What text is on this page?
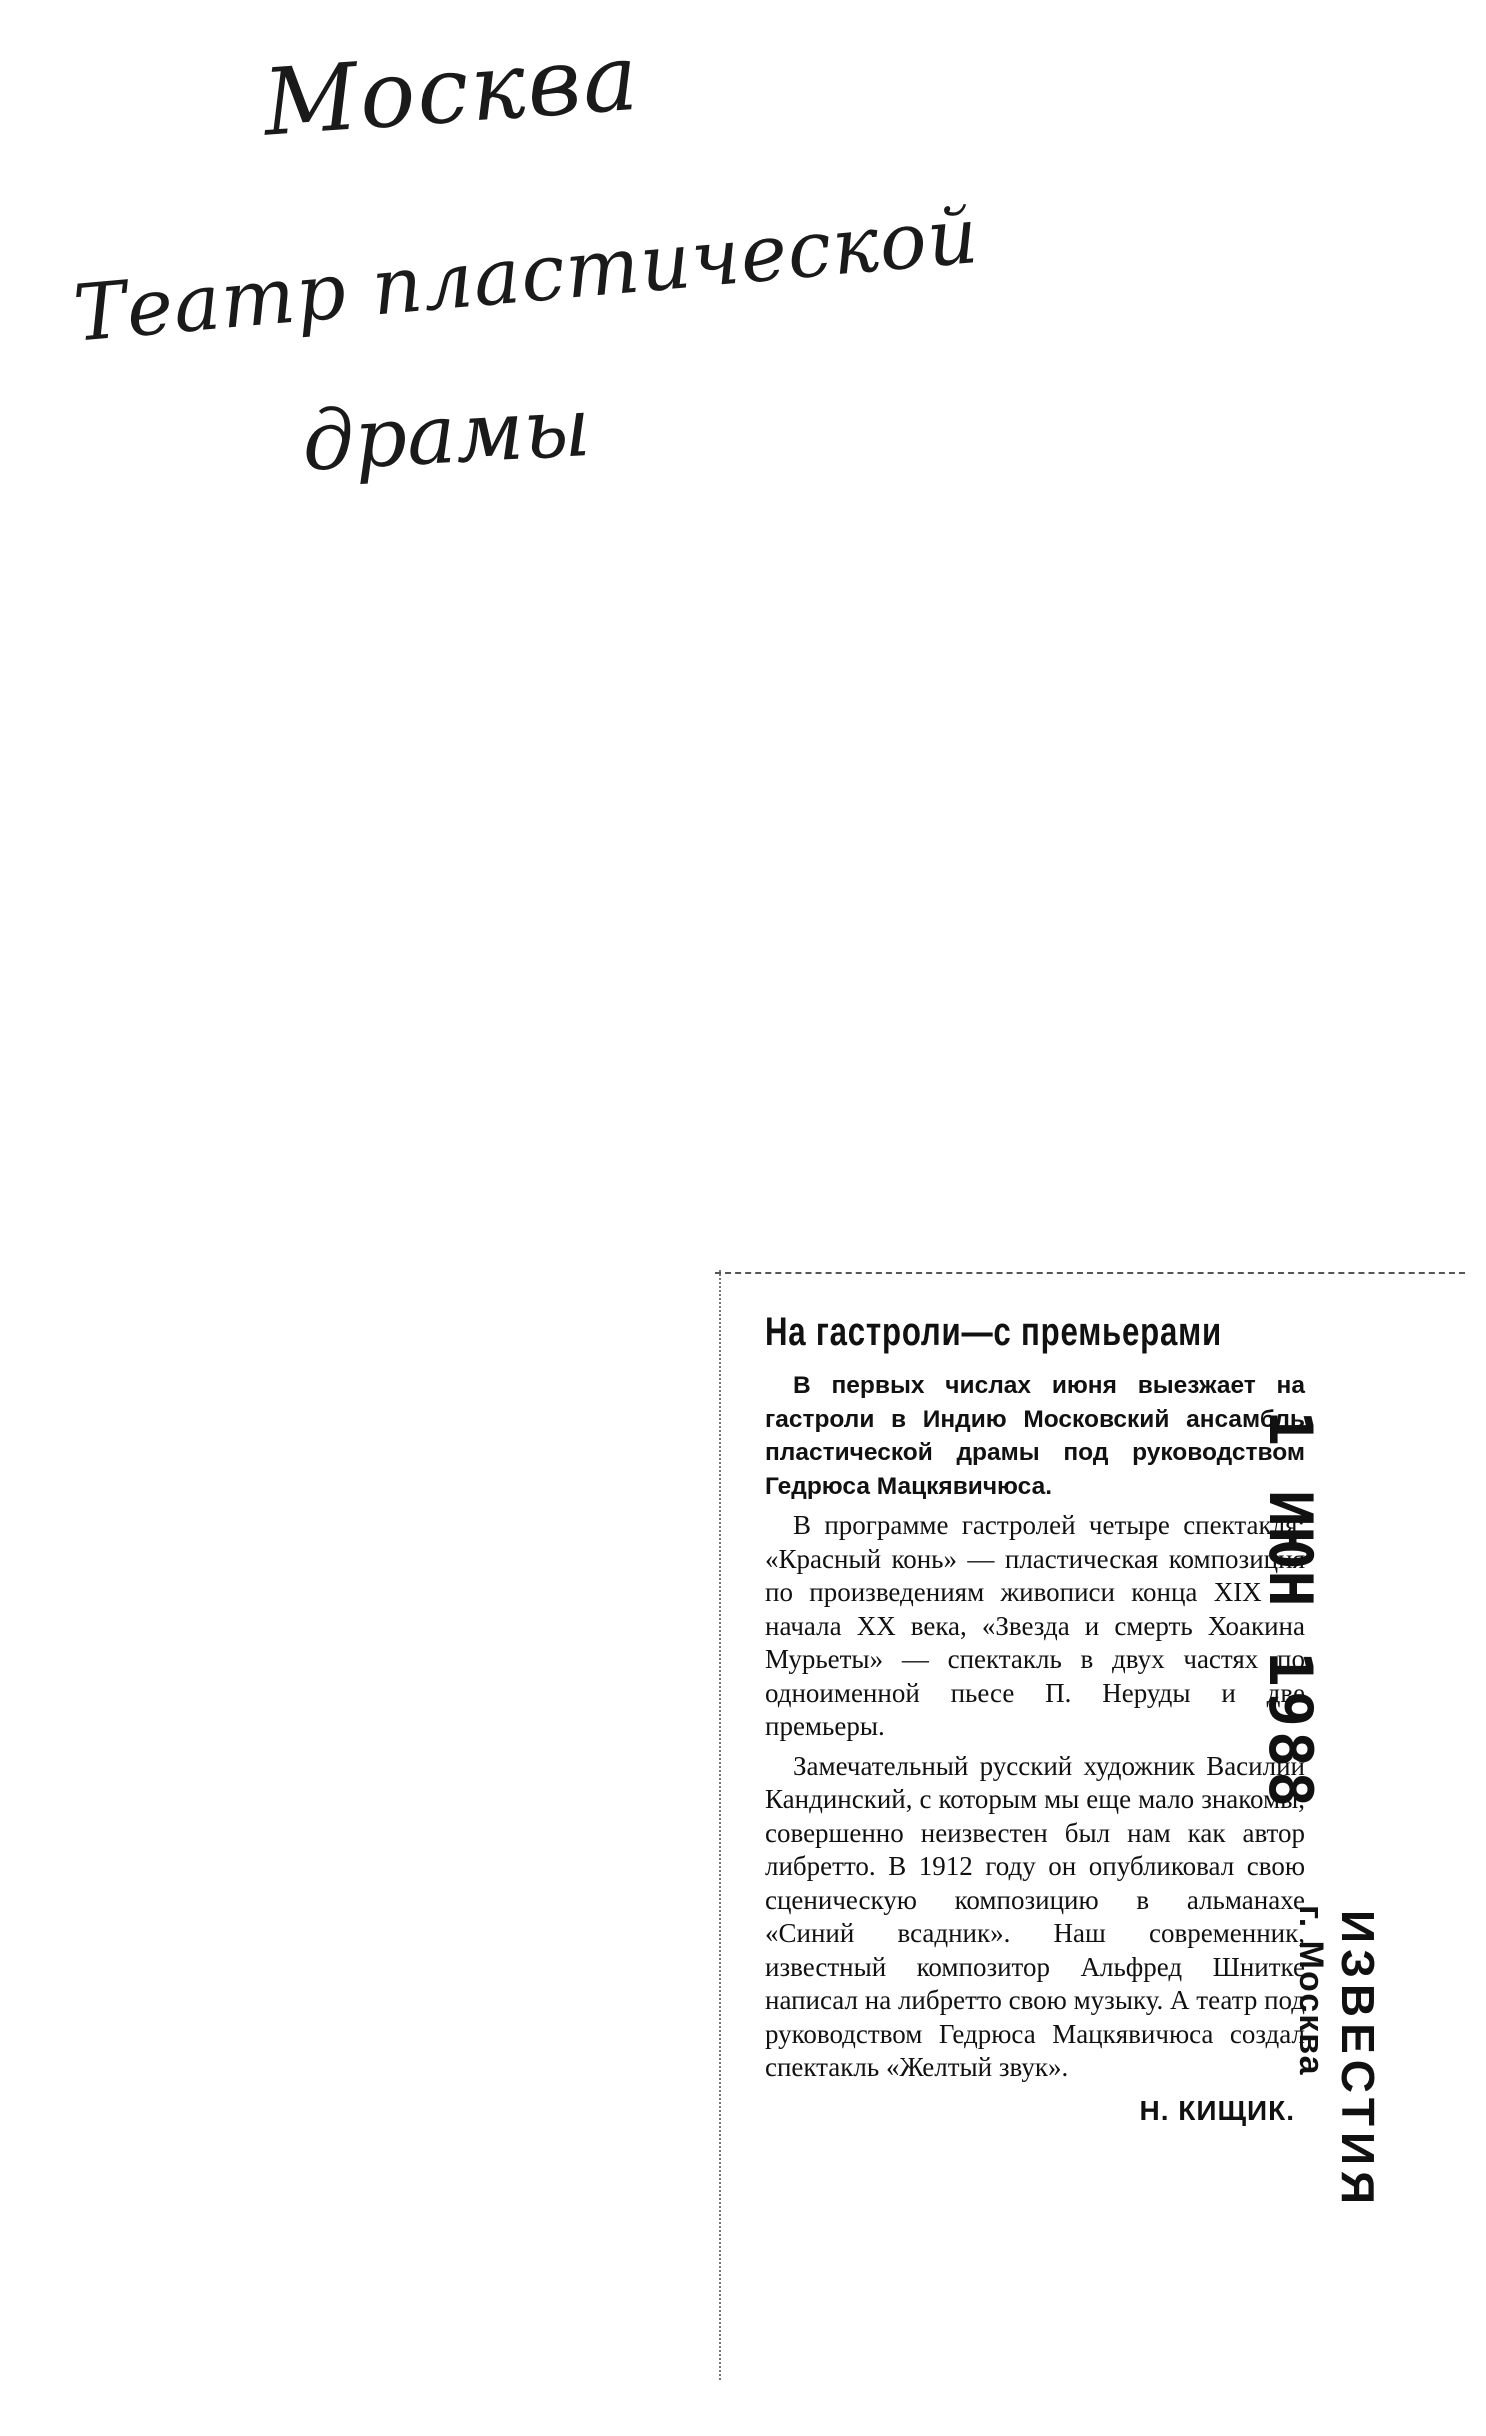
Москва
Театр пластической
драмы
На гастроли—с премьерами

В первых числах июня выезжает на гастроли в Индию Московский ансамбль пластической драмы под руководством Гедрюса Мацкявичюса.

В программе гастролей четыре спектакля: «Красный конь» — пластическая композиция по произведениям живописи конца XIX — начала XX века, «Звезда и смерть Хоакина Мурьеты» — спектакль в двух частях по одноименной пьесе П. Неруды и две премьеры.

Замечательный русский художник Василий Кандинский, с которым мы еще мало знакомы, совершенно неизвестен был нам как автор либретто. В 1912 году он опубликовал свою сценическую композицию в альманахе «Синий всадник». Наш современник, известный композитор Альфред Шнитке написал на либретто свою музыку. А театр под руководством Гедрюса Мацкявичюса создал спектакль «Желтый звук».

Н. КИЩИК.
1 ИЮН 1988
г. Москва ИЗВЕСТИЯ
